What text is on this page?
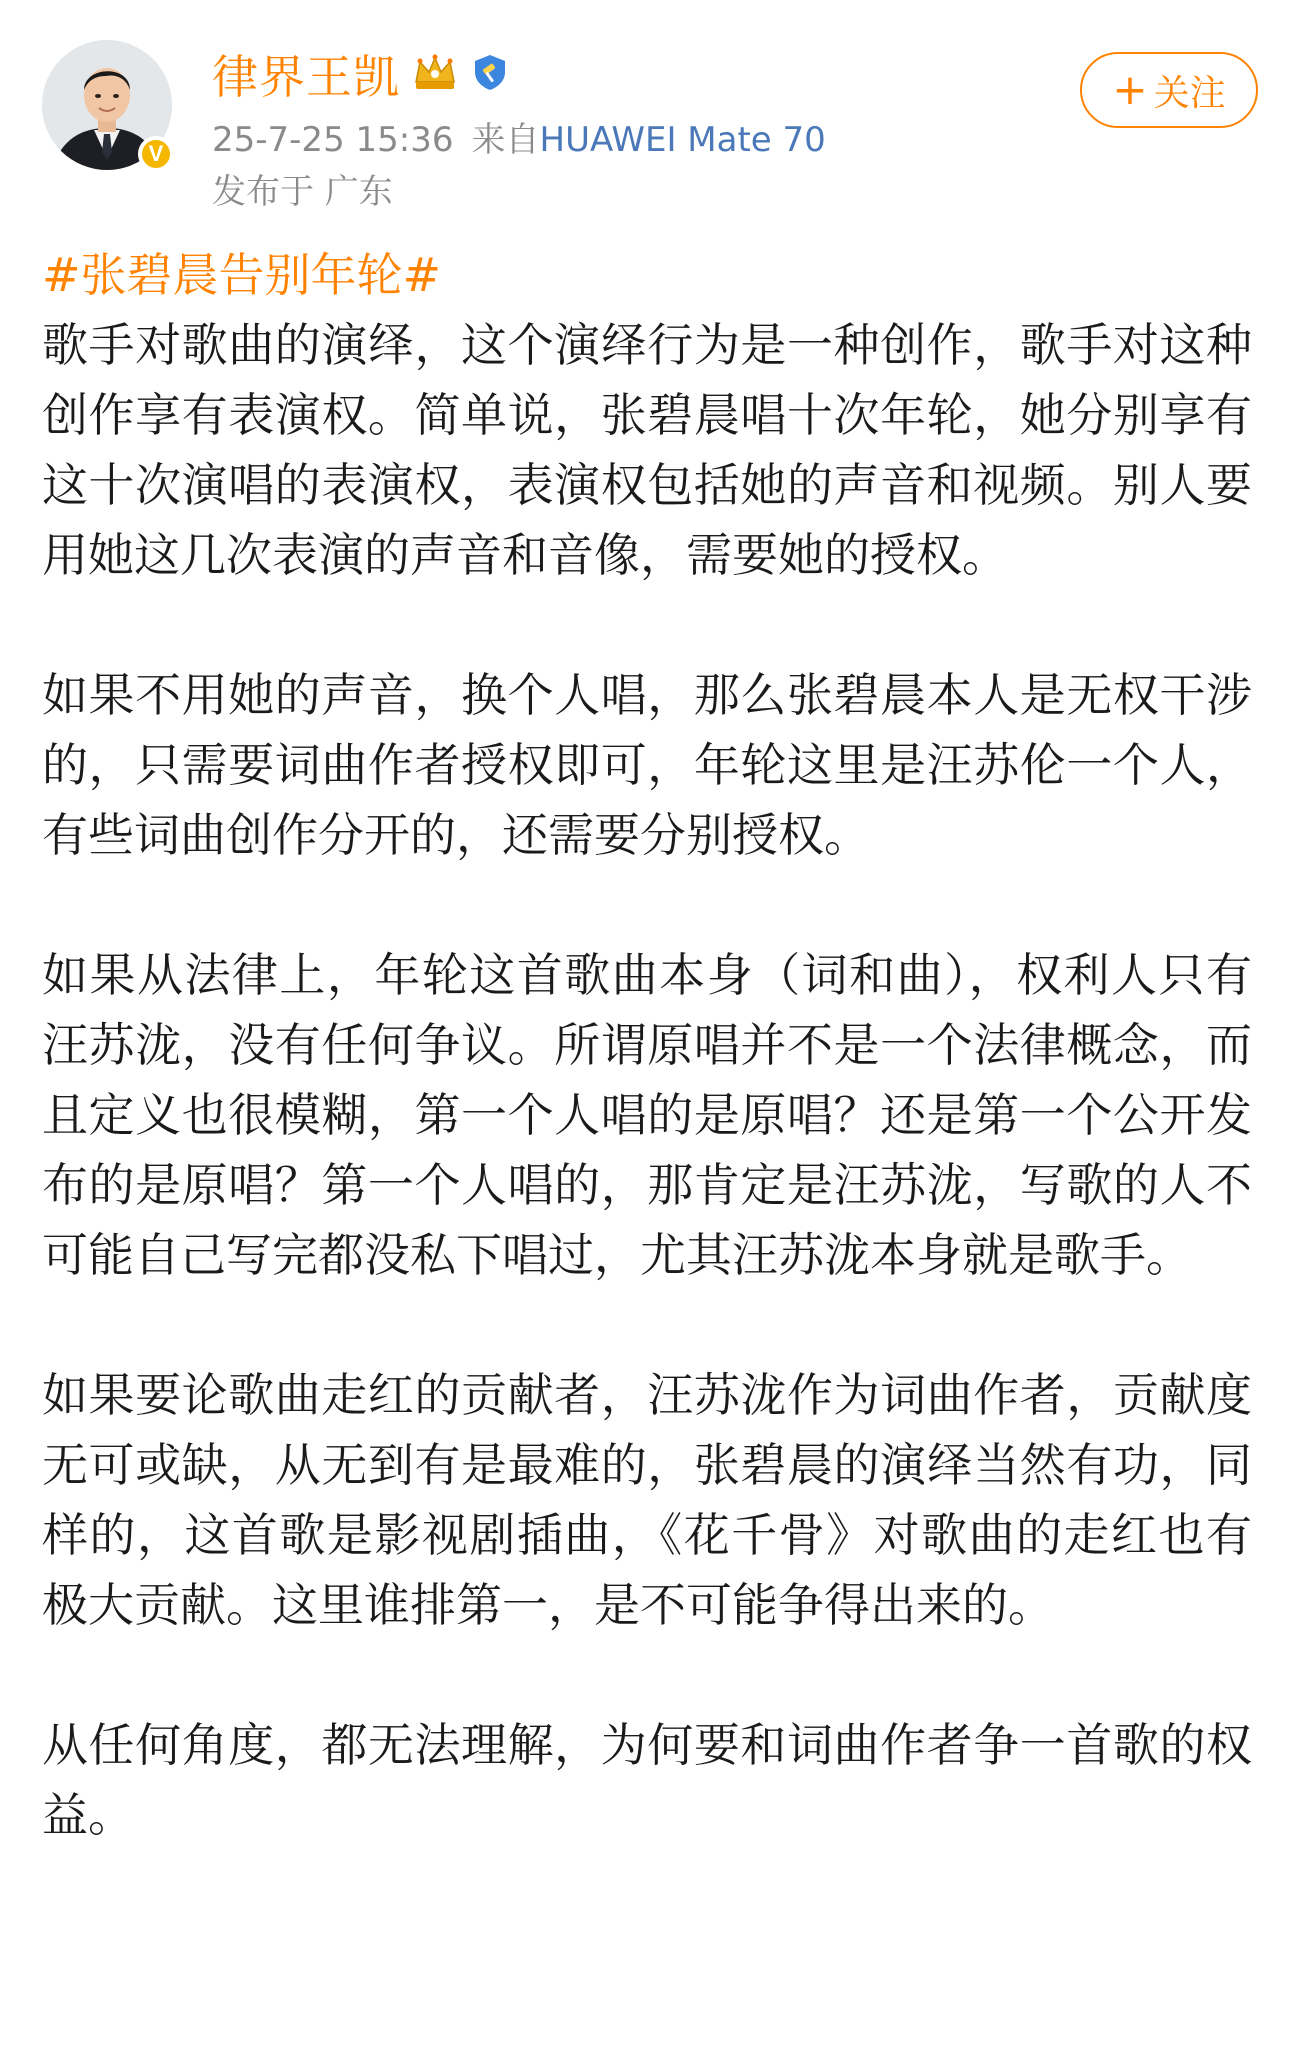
V
律界王凯
25-7-25 15:36 来自HUAWEI Mate 70
发布于 广东
+ 关注
#张碧晨告别年轮#

歌手对歌曲的演绎，这个演绎行为是一种创作，歌手对这种创作享有表演权。简单说，张碧晨唱十次年轮，她分别享有这十次演唱的表演权，表演权包括她的声音和视频。别人要用她这几次表演的声音和音像，需要她的授权。

如果不用她的声音，换个人唱，那么张碧晨本人是无权干涉的，只需要词曲作者授权即可，年轮这里是汪苏伦一个人，有些词曲创作分开的，还需要分别授权。

如果从法律上，年轮这首歌曲本身（词和曲），权利人只有汪苏泷，没有任何争议。所谓原唱并不是一个法律概念，而且定义也很模糊，第一个人唱的是原唱？还是第一个公开发布的是原唱？第一个人唱的，那肯定是汪苏泷，写歌的人不可能自己写完都没私下唱过，尤其汪苏泷本身就是歌手。

如果要论歌曲走红的贡献者，汪苏泷作为词曲作者，贡献度无可或缺，从无到有是最难的，张碧晨的演绎当然有功，同样的，这首歌是影视剧插曲，《花千骨》对歌曲的走红也有极大贡献。这里谁排第一，是不可能争得出来的。

从任何角度，都无法理解，为何要和词曲作者争一首歌的权益。
